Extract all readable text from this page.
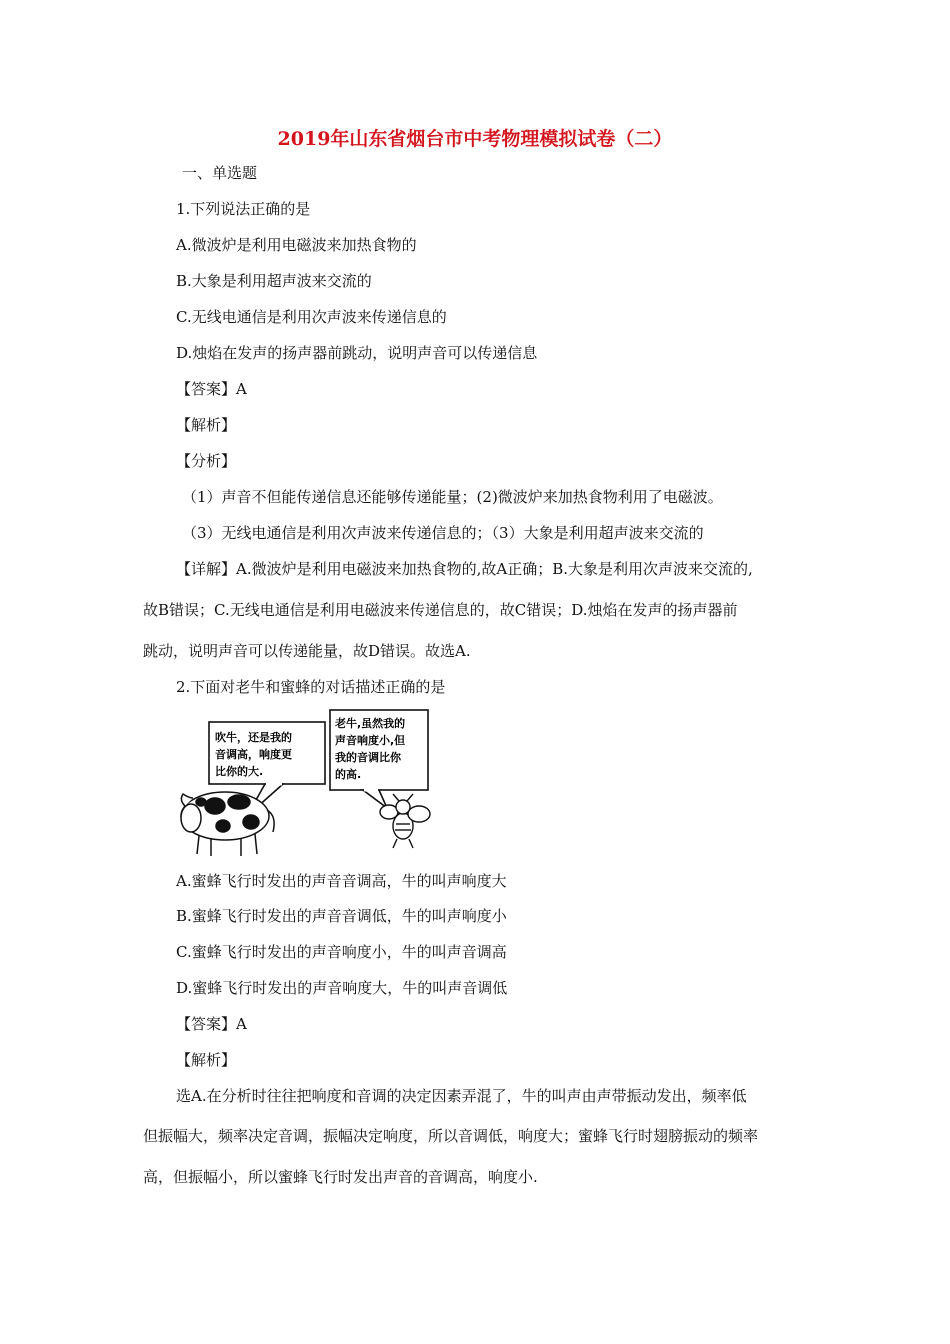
2019年山东省烟台市中考物理模拟试卷（二）
一、单选题
1.下列说法正确的是
A.微波炉是利用电磁波来加热食物的
B.大象是利用超声波来交流的
C.无线电通信是利用次声波来传递信息的
D.烛焰在发声的扬声器前跳动，说明声音可以传递信息
【答案】A
【解析】
【分析】
（1）声音不但能传递信息还能够传递能量；(2)微波炉来加热食物利用了电磁波。
（3）无线电通信是利用次声波来传递信息的；（3）大象是利用超声波来交流的
【详解】A.微波炉是利用电磁波来加热食物的,故A正确；B.大象是利用次声波来交流的,
故B错误；C.无线电通信是利用电磁波来传递信息的，故C错误；D.烛焰在发声的扬声器前
跳动，说明声音可以传递能量，故D错误。故选A.
2.下面对老牛和蜜蜂的对话描述正确的是
吹牛，还是我的
音调高，响度更
比你的大.
老牛,虽然我的
声音响度小,但
我的音调比你
的高.
A.蜜蜂飞行时发出的声音音调高，牛的叫声响度大
B.蜜蜂飞行时发出的声音音调低，牛的叫声响度小
C.蜜蜂飞行时发出的声音响度小，牛的叫声音调高
D.蜜蜂飞行时发出的声音响度大，牛的叫声音调低
【答案】A
【解析】
选A.在分析时往往把响度和音调的决定因素弄混了，牛的叫声由声带振动发出，频率低
但振幅大，频率决定音调，振幅决定响度，所以音调低，响度大；蜜蜂飞行时翅膀振动的频率
高，但振幅小，所以蜜蜂飞行时发出声音的音调高，响度小.
